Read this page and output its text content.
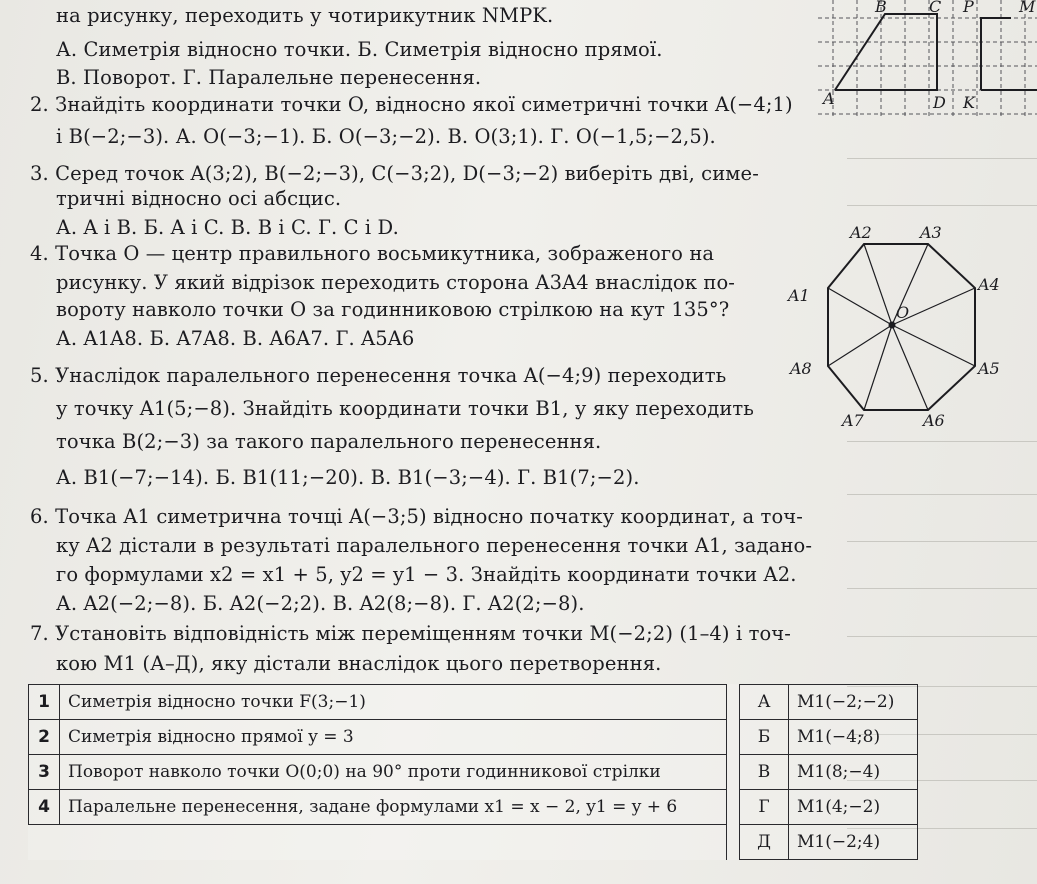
на рисунку, переходить у чотирикутник NMPK.
А. Симетрія відносно точки. Б. Симетрія відносно прямої.
В. Поворот. Г. Паралельне перенесення.
2. Знайдіть координати точки O, відносно якої симетричні точки A(−4;1)
і B(−2;−3). А. O(−3;−1). Б. O(−3;−2). В. O(3;1). Г. O(−1,5;−2,5).
3. Серед точок A(3;2), B(−2;−3), C(−3;2), D(−3;−2) виберіть дві, симе-
тричні відносно осі абсцис.
А. A і B. Б. A і C. В. B і C. Г. C і D.
4. Точка O — центр правильного восьмикутника, зображеного на
рисунку. У який відрізок переходить сторона A3A4 внаслідок по-
вороту навколо точки O за годинниковою стрілкою на кут 135°?
А. A1A8. Б. A7A8. В. A6A7. Г. A5A6
5. Унаслідок паралельного перенесення точка A(−4;9) переходить
у точку A1(5;−8). Знайдіть координати точки B1, у яку переходить
точка B(2;−3) за такого паралельного перенесення.
А. B1(−7;−14). Б. B1(11;−20). В. B1(−3;−4). Г. B1(7;−2).
6. Точка A1 симетрична точці A(−3;5) відносно початку координат, а точ-
ку A2 дістали в результаті паралельного перенесення точки A1, задано-
го формулами x2 = x1 + 5, y2 = y1 − 3. Знайдіть координати точки A2.
А. A2(−2;−8). Б. A2(−2;2). В. A2(8;−8). Г. A2(2;−8).
7. Установіть відповідність між переміщенням точки M(−2;2) (1–4) і точ-
кою M1 (А–Д), яку дістали внаслідок цього перетворення.
A
B	C
D
P
K
M
O
A1
A2	A3
A4
A5
A6
A7
A8
1	Симетрія відносно точки F(3;−1)		А	M1(−2;−2)
2	Симетрія відносно прямої y = 3		Б	M1(−4;8)
3	Поворот навколо точки O(0;0) на 90° проти годинникової стрілки		В	M1(8;−4)
4	Паралельне перенесення, задане формулами x1 = x − 2, y1 = y + 6		Г	M1(4;−2)
			Д	M1(−2;4)
